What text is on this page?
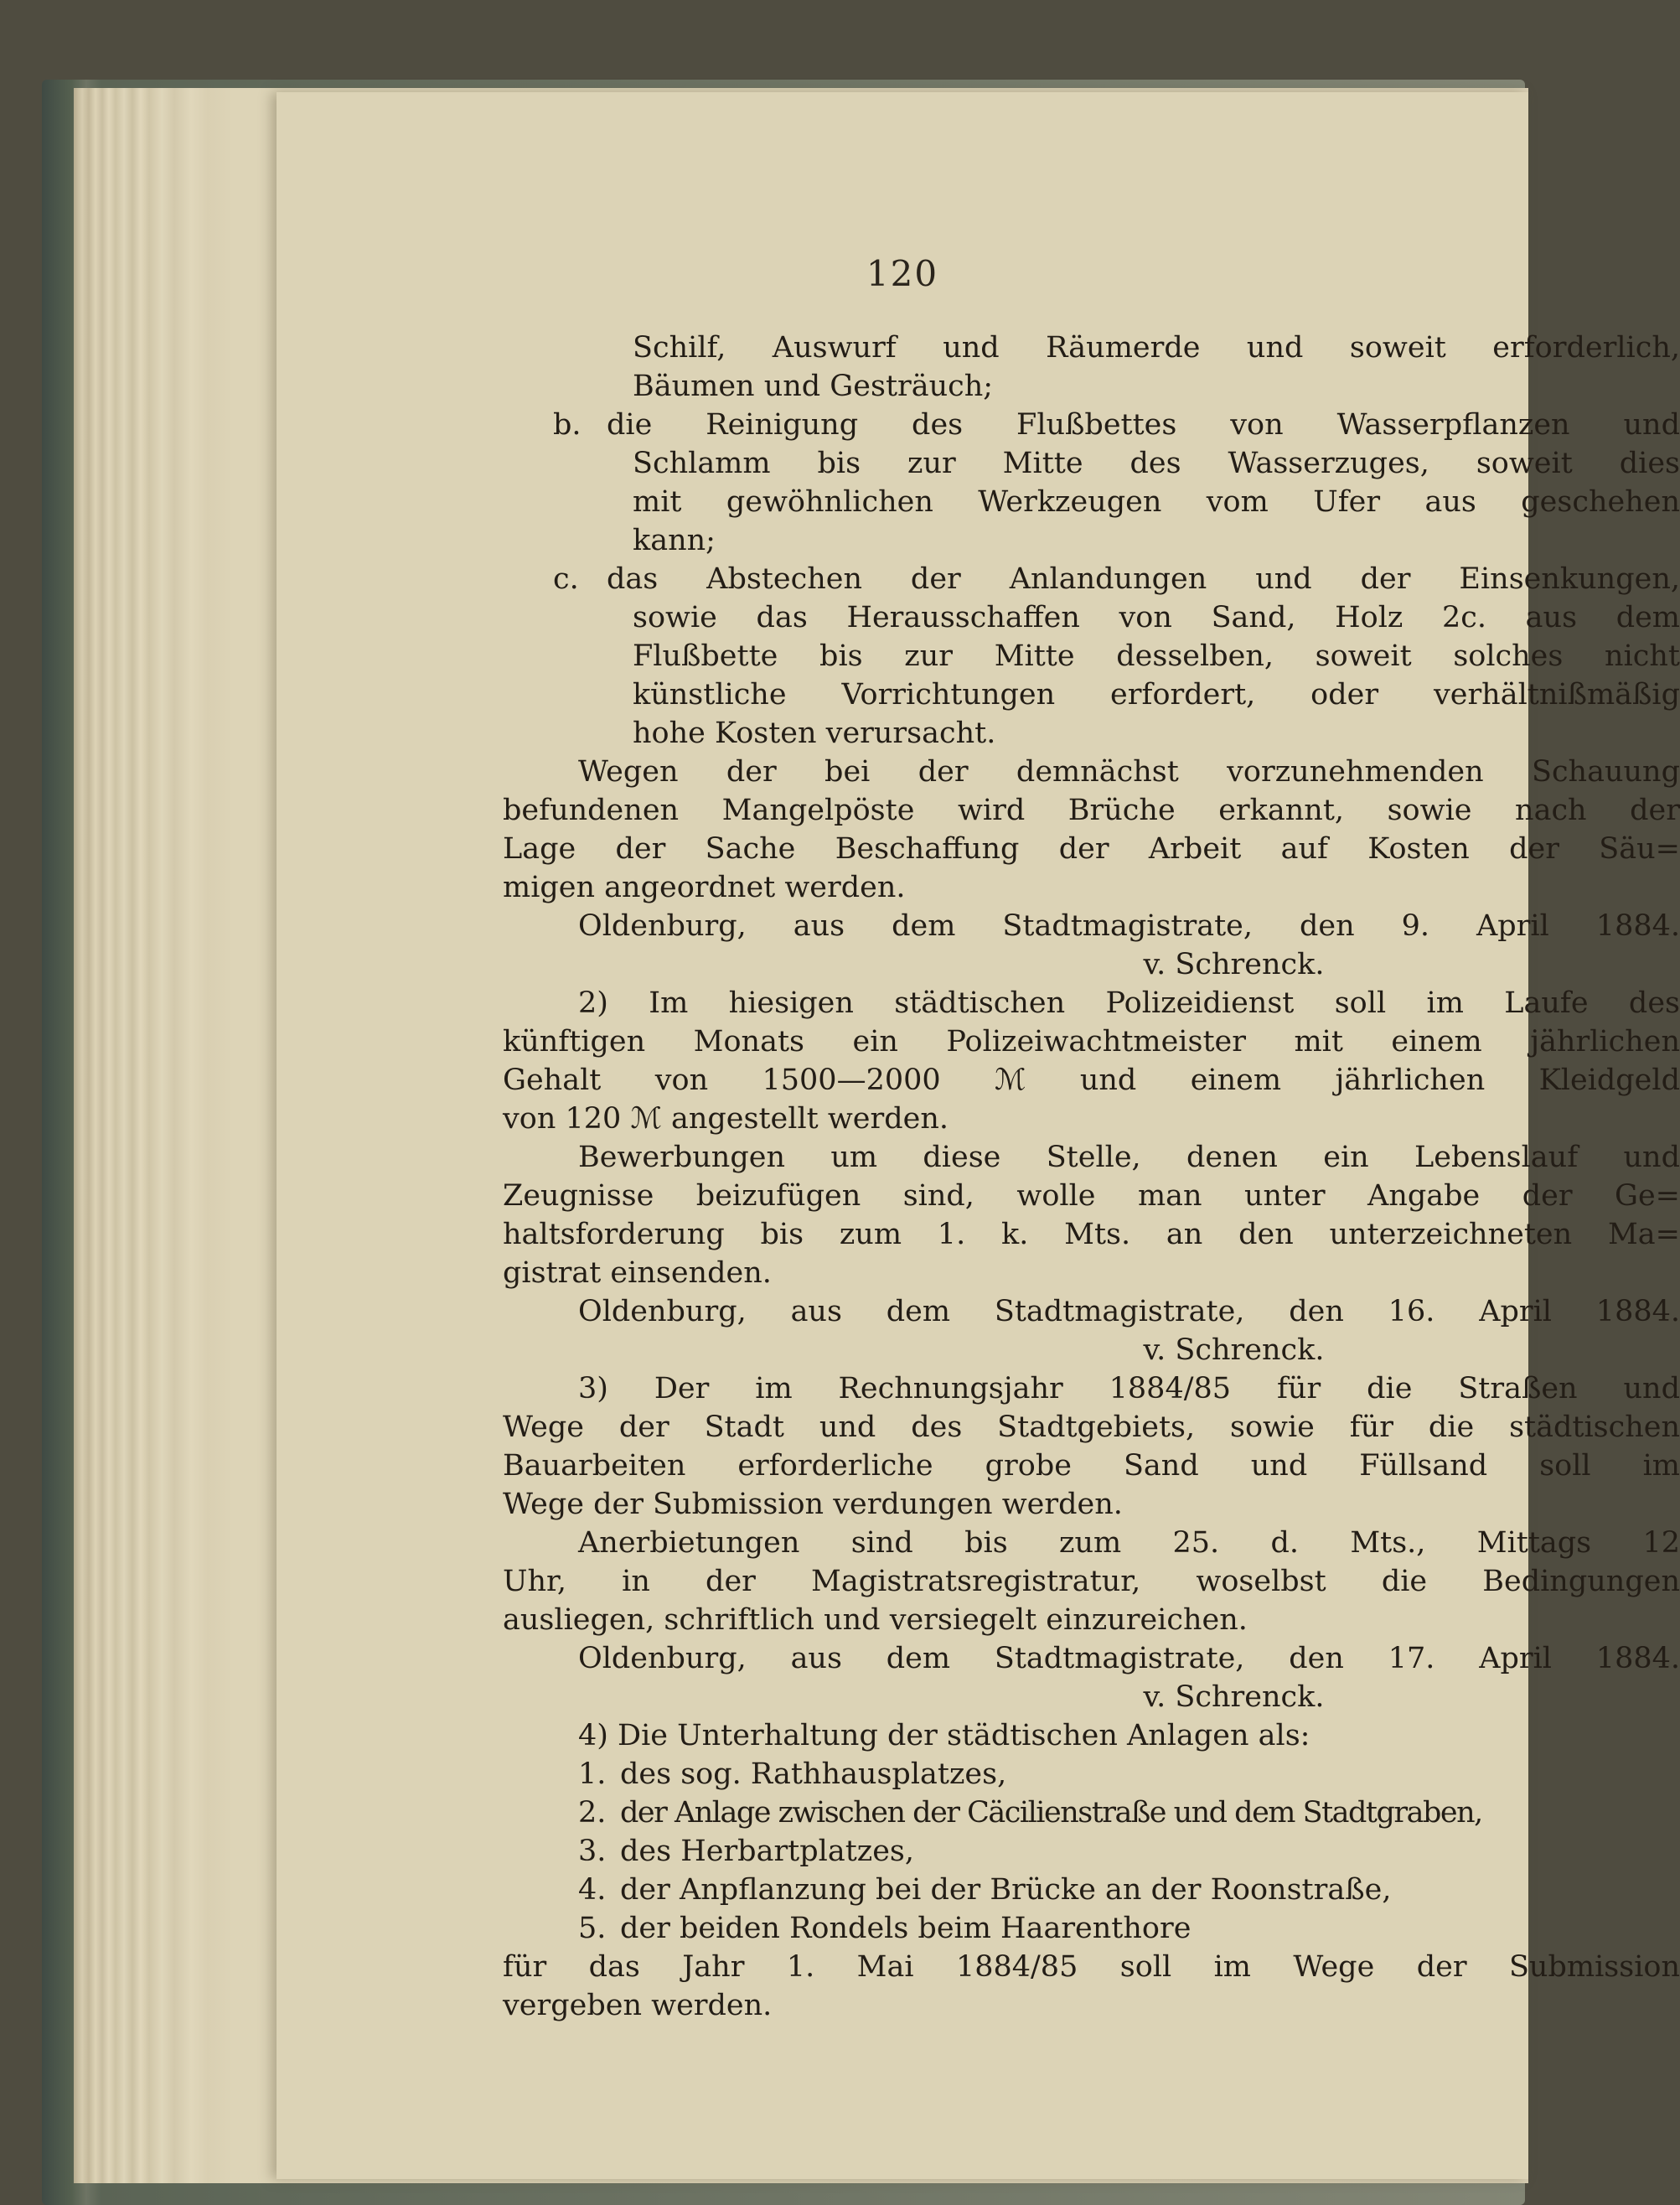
120
Schilf, Auswurf und Räumerde und soweit erforderlich,
Bäumen und Gesträuch;
b. die Reinigung des Flußbettes von Wasserpflanzen und
Schlamm bis zur Mitte des Wasserzuges, soweit dies
mit gewöhnlichen Werkzeugen vom Ufer aus geschehen
kann;
c. das Abstechen der Anlandungen und der Einsenkungen,
sowie das Herausschaffen von Sand, Holz 2c. aus dem
Flußbette bis zur Mitte desselben, soweit solches nicht
künstliche Vorrichtungen erfordert, oder verhältnißmäßig
hohe Kosten verursacht.
Wegen der bei der demnächst vorzunehmenden Schauung
befundenen Mangelpöste wird Brüche erkannt, sowie nach der
Lage der Sache Beschaffung der Arbeit auf Kosten der Säu=
migen angeordnet werden.
Oldenburg, aus dem Stadtmagistrate, den 9. April 1884.
v. Schrenck.
2) Im hiesigen städtischen Polizeidienst soll im Laufe des
künftigen Monats ein Polizeiwachtmeister mit einem jährlichen
Gehalt von 1500—2000 ℳ und einem jährlichen Kleidgeld
von 120 ℳ angestellt werden.
Bewerbungen um diese Stelle, denen ein Lebenslauf und
Zeugnisse beizufügen sind, wolle man unter Angabe der Ge=
haltsforderung bis zum 1. k. Mts. an den unterzeichneten Ma=
gistrat einsenden.
Oldenburg, aus dem Stadtmagistrate, den 16. April 1884.
v. Schrenck.
3) Der im Rechnungsjahr 1884/85 für die Straßen und
Wege der Stadt und des Stadtgebiets, sowie für die städtischen
Bauarbeiten erforderliche grobe Sand und Füllsand soll im
Wege der Submission verdungen werden.
Anerbietungen sind bis zum 25. d. Mts., Mittags 12
Uhr, in der Magistratsregistratur, woselbst die Bedingungen
ausliegen, schriftlich und versiegelt einzureichen.
Oldenburg, aus dem Stadtmagistrate, den 17. April 1884.
v. Schrenck.
4) Die Unterhaltung der städtischen Anlagen als:
1. des sog. Rathhausplatzes,
2. der Anlage zwischen der Cäcilienstraße und dem Stadtgraben,
3. des Herbartplatzes,
4. der Anpflanzung bei der Brücke an der Roonstraße,
5. der beiden Rondels beim Haarenthore
für das Jahr 1. Mai 1884/85 soll im Wege der Submission
vergeben werden.
